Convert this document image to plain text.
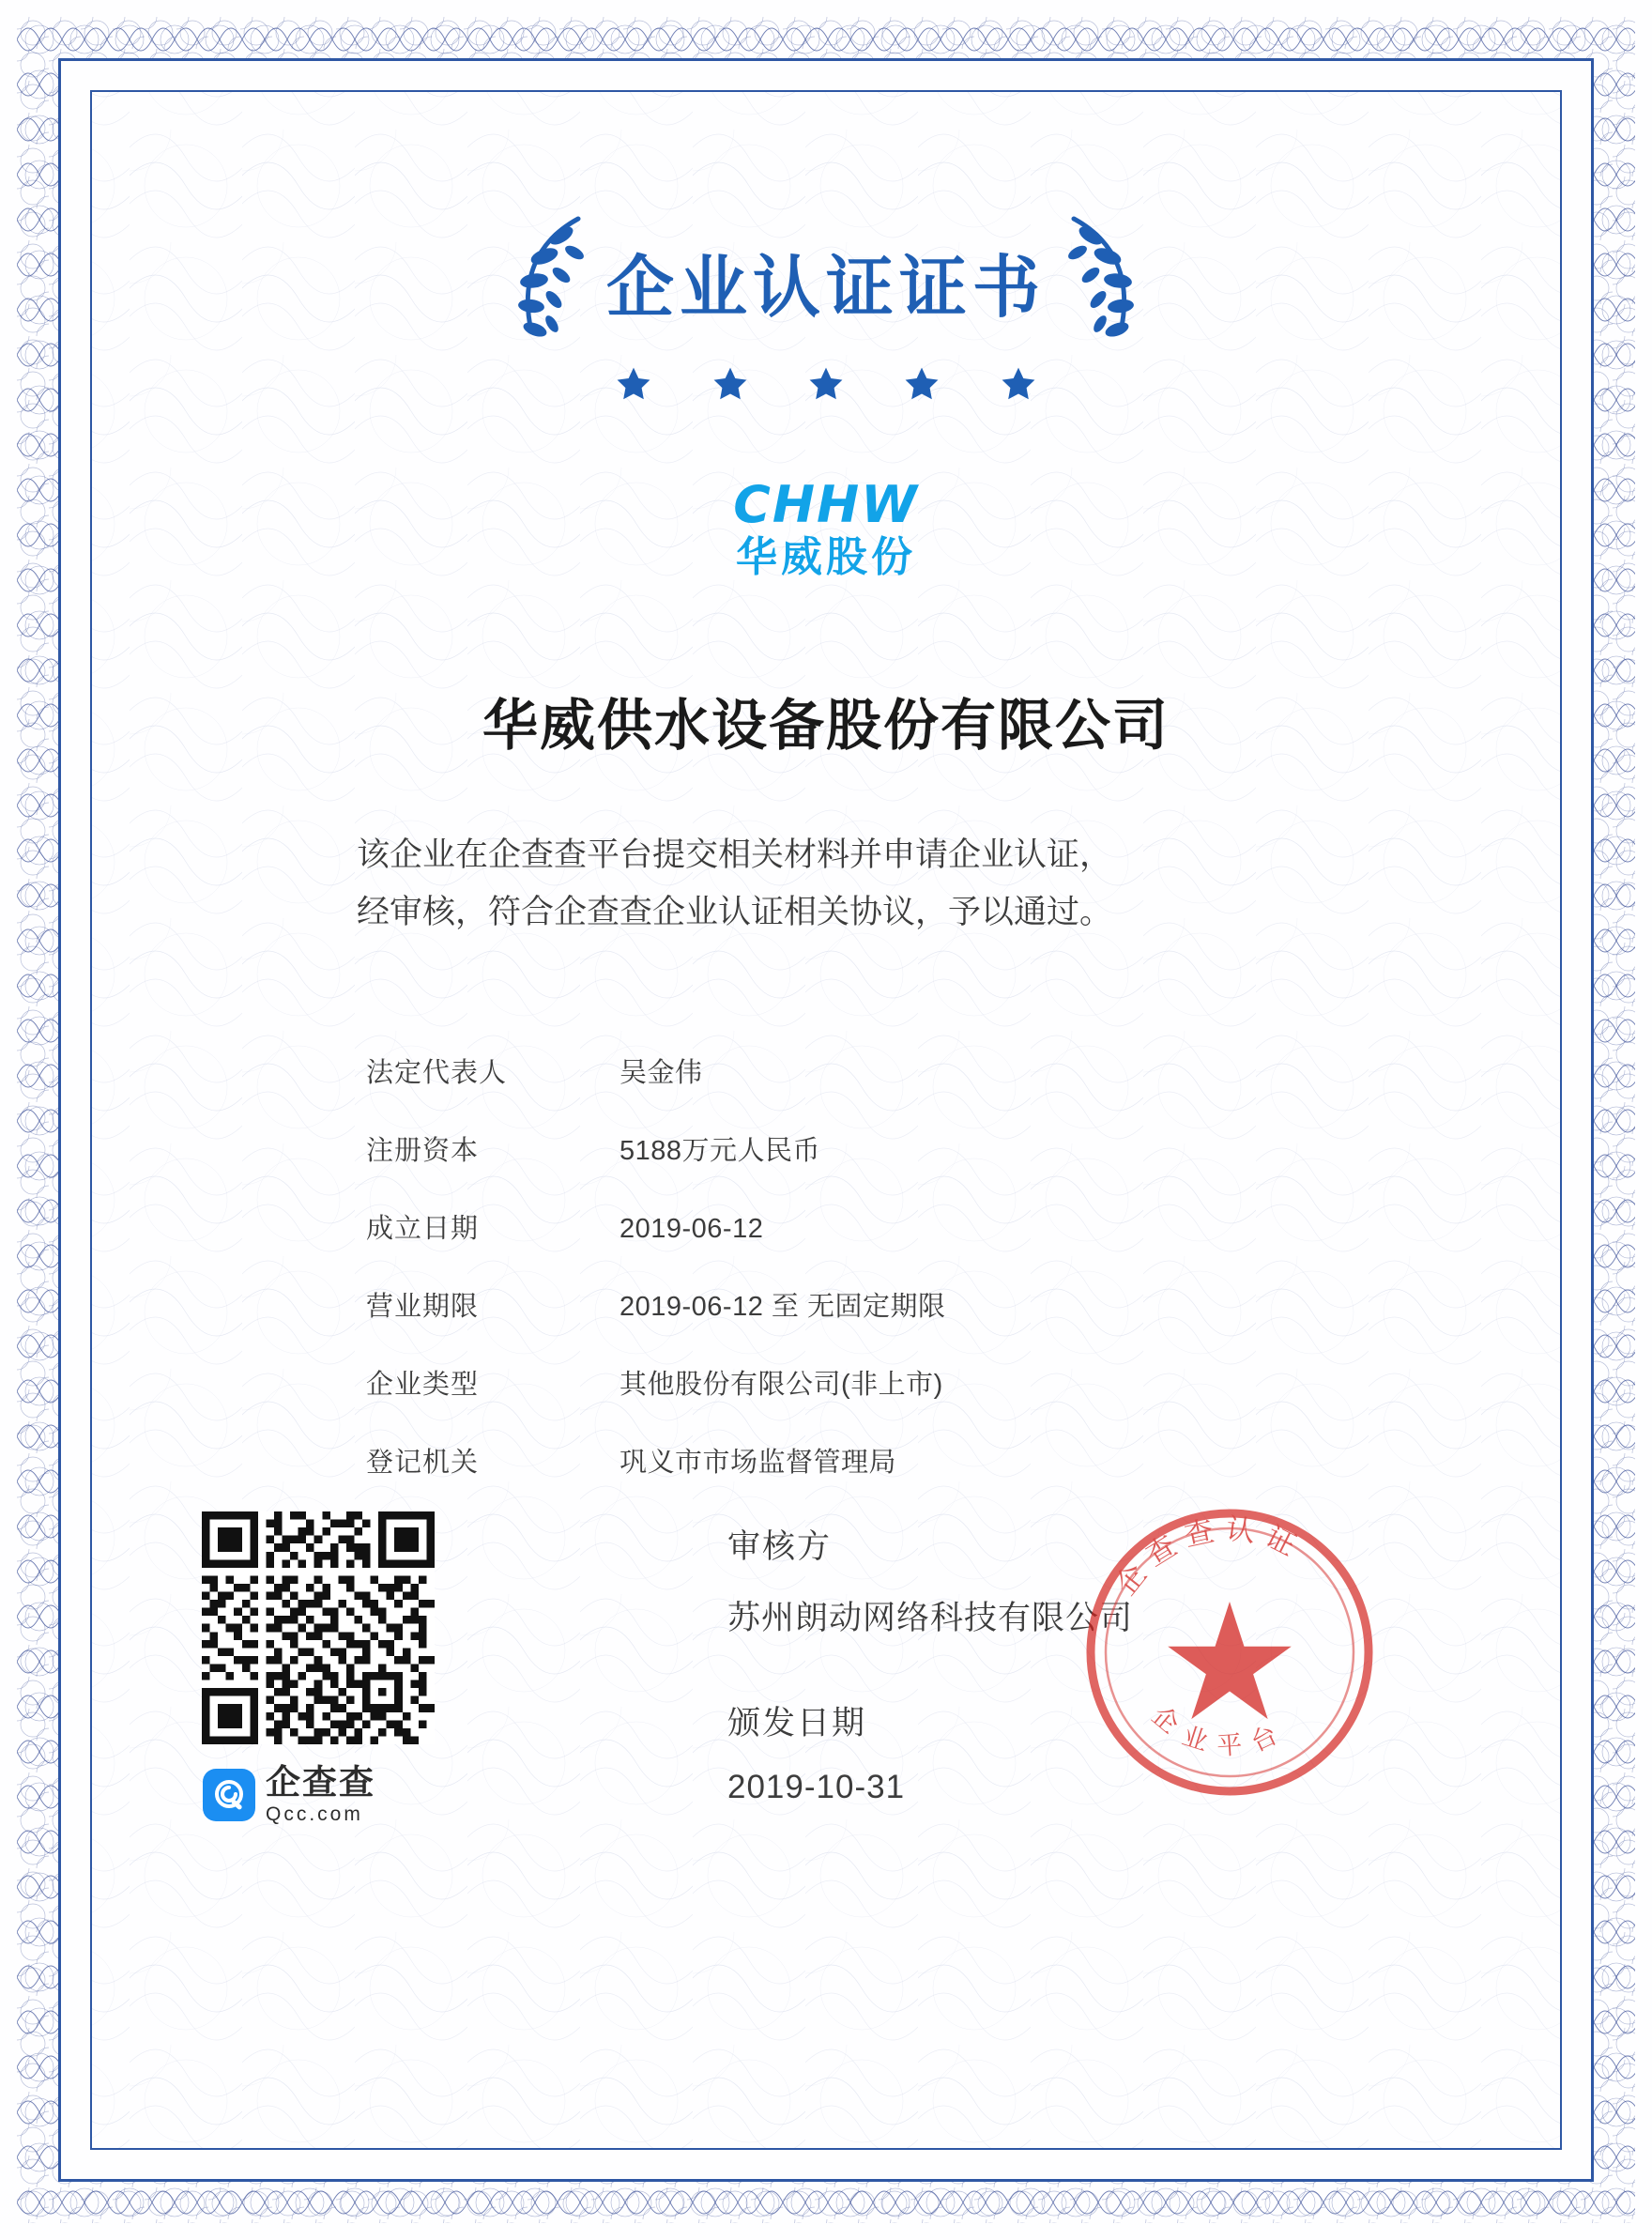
企业认证证书

CHHW
华威股份
华威供水设备股份有限公司
该企业在企查查平台提交相关材料并申请企业认证，
经审核，符合企查查企业认证相关协议，予以通过。
法定代表人	吴金伟
注册资本	5188万元人民币
成立日期	2019-06-12
营业期限	2019-06-12 至 无固定期限
企业类型	其他股份有限公司(非上市)
登记机关	巩义市市场监督管理局
企查查
Qcc.com
审核方
苏州朗动网络科技有限公司
颁发日期
2019-10-31
企查查认证
企业平台
